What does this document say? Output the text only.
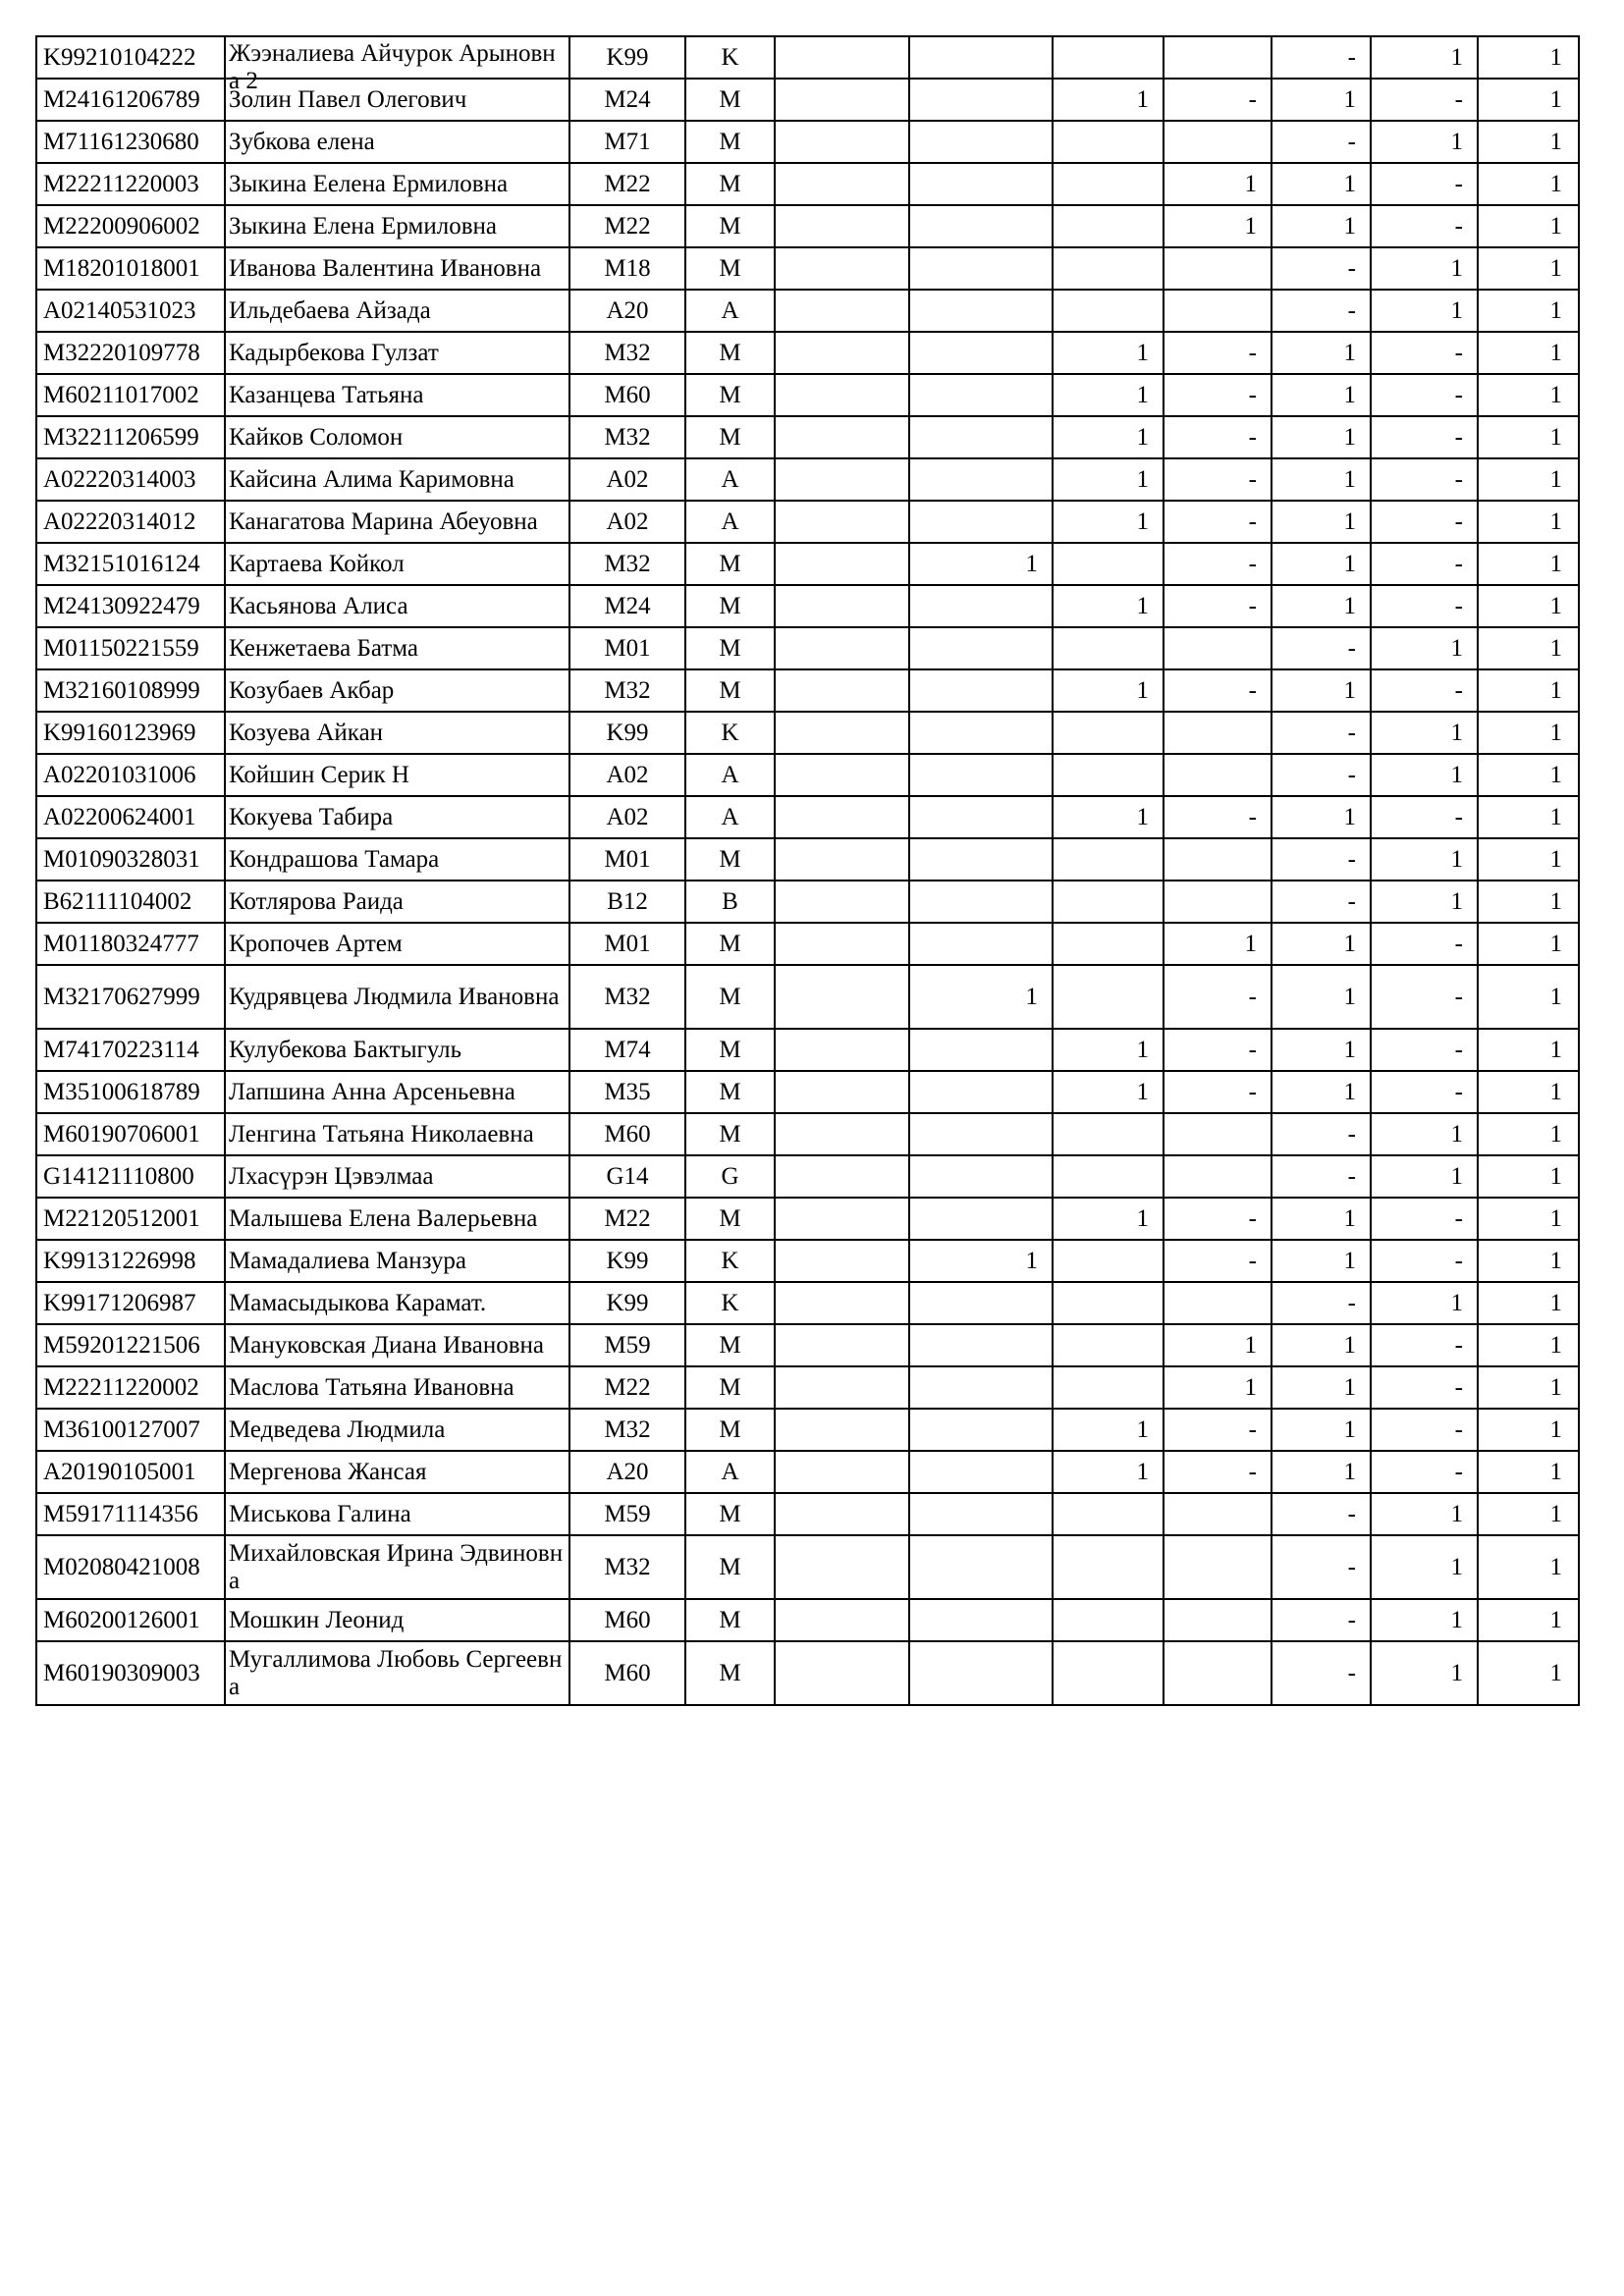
K99210104222	Жээналиева Айчурок Арыновна 2	K99	K					-	1	1
M24161206789	Золин Павел Олегович	M24	M			1	-	1	-	1
M71161230680	Зубкова елена	M71	M					-	1	1
M22211220003	Зыкина Еелена Ермиловна	M22	M				1	1	-	1
M22200906002	Зыкина Елена Ермиловна	M22	M				1	1	-	1
M18201018001	Иванова Валентина Ивановна	M18	M					-	1	1
A02140531023	Ильдебаева Айзада	A20	A					-	1	1
M32220109778	Кадырбекова Гулзат	M32	M			1	-	1	-	1
M60211017002	Казанцева Татьяна	M60	M			1	-	1	-	1
M32211206599	Кайков Соломон	M32	M			1	-	1	-	1
A02220314003	Кайсина Алима Каримовна	A02	A			1	-	1	-	1
A02220314012	Канагатова Марина Абеуовна	A02	A			1	-	1	-	1
M32151016124	Картаева Койкол	M32	M		1		-	1	-	1
M24130922479	Касьянова Алиса	M24	M			1	-	1	-	1
M01150221559	Кенжетаева Батма	M01	M					-	1	1
M32160108999	Козубаев Акбар	M32	M			1	-	1	-	1
K99160123969	Козуева Айкан	K99	K					-	1	1
A02201031006	Койшин Серик Н	A02	A					-	1	1
A02200624001	Кокуева Табира	A02	A			1	-	1	-	1
M01090328031	Кондрашова Тамара	M01	M					-	1	1
B62111104002	Котлярова Раида	B12	B					-	1	1
M01180324777	Кропочев Артем	M01	M				1	1	-	1
M32170627999	Кудрявцева Людмила Ивановна	M32	M		1		-	1	-	1
M74170223114	Кулубекова Бактыгуль	M74	M			1	-	1	-	1
M35100618789	Лапшина Анна Арсеньевна	M35	M			1	-	1	-	1
M60190706001	Ленгина Татьяна Николаевна	M60	M					-	1	1
G14121110800	Лхасүрэн Цэвэлмаа	G14	G					-	1	1
M22120512001	Малышева Елена Валерьевна	M22	M			1	-	1	-	1
K99131226998	Мамадалиева Манзура	K99	K		1		-	1	-	1
K99171206987	Мамасыдыкова Карамат.	K99	K					-	1	1
M59201221506	Мануковская Диана Ивановна	M59	M				1	1	-	1
M22211220002	Маслова Татьяна Ивановна	M22	M				1	1	-	1
M36100127007	Медведева Людмила	M32	M			1	-	1	-	1
A20190105001	Мергенова Жансая	A20	A			1	-	1	-	1
M59171114356	Миськова Галина	M59	M					-	1	1
M02080421008	Михайловская Ирина Эдвиновна	M32	M					-	1	1
M60200126001	Мошкин Леонид	M60	M					-	1	1
M60190309003	Мугаллимова Любовь Сергеевна	M60	M					-	1	1
